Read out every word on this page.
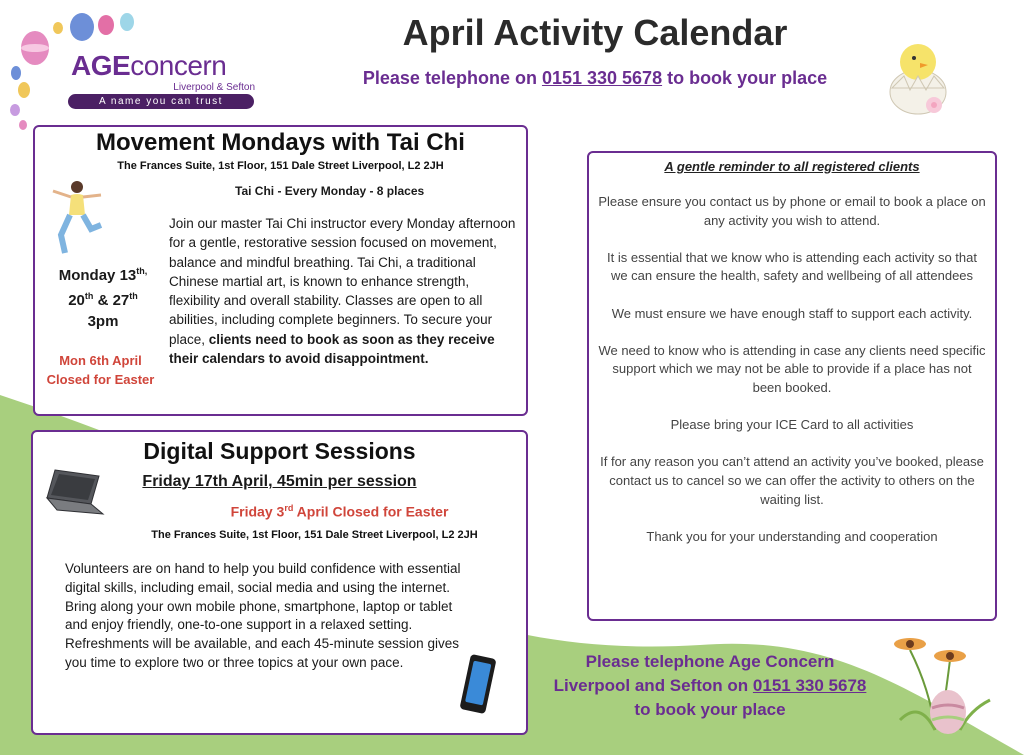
AGEconcern
Liverpool & Sefton
A name you can trust
April Activity Calendar
Please telephone on 0151 330 5678 to book your place
Movement Mondays with Tai Chi
The Frances Suite, 1st Floor, 151 Dale Street Liverpool, L2 2JH
Tai Chi - Every Monday - 8 places
Monday $13^{th,}$
20th & 27th
3pm
Mon 6th April
Closed for Easter
Join our master Tai Chi instructor every Monday afternoon for a gentle, restorative session focused on movement, balance and mindful breathing. Tai Chi, a traditional Chinese martial art, is known to enhance strength, flexibility and overall stability. Classes are open to all abilities, including complete beginners. To secure your place, clients need to book as soon as they receive their calendars to avoid disappointment.
Digital Support Sessions
Friday 17th April, 45min per session
Friday 3rd April Closed for Easter
The Frances Suite, 1st Floor, 151 Dale Street Liverpool, L2 2JH
Volunteers are on hand to help you build confidence with essential digital skills, including email, social media and using the internet. Bring along your own mobile phone, smartphone, laptop or tablet and enjoy friendly, one-to-one support in a relaxed setting. Refreshments will be available, and each 45-minute session gives you time to explore two or three topics at your own pace.
A gentle reminder to all registered clients

Please ensure you contact us by phone or email to book a place on any activity you wish to attend.

It is essential that we know who is attending each activity so that we can ensure the health, safety and wellbeing of all attendees

We must ensure we have enough staff to support each activity.

We need to know who is attending in case any clients need specific support which we may not be able to provide if a place has not been booked.

Please bring your ICE Card to all activities

If for any reason you can’t attend an activity you’ve booked, please contact us to cancel so we can offer the activity to others on the waiting list.

Thank you for your understanding and cooperation

Please telephone Age Concern
Liverpool and Sefton on 0151 330 5678
to book your place
